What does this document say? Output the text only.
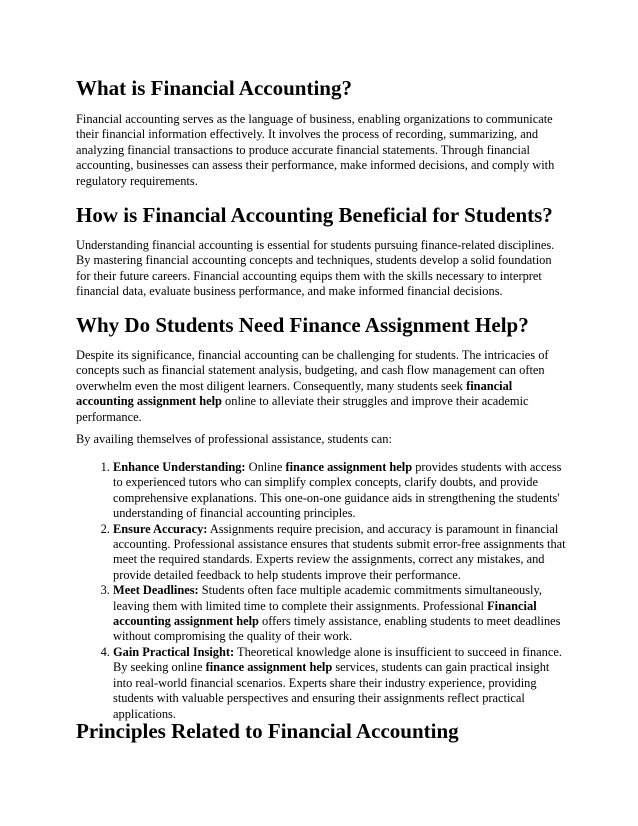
What is Financial Accounting?

Financial accounting serves as the language of business, enabling organizations to communicate their financial information effectively. It involves the process of recording, summarizing, and analyzing financial transactions to produce accurate financial statements. Through financial accounting, businesses can assess their performance, make informed decisions, and comply with regulatory requirements.

How is Financial Accounting Beneficial for Students?

Understanding financial accounting is essential for students pursuing finance-related disciplines. By mastering financial accounting concepts and techniques, students develop a solid foundation for their future careers. Financial accounting equips them with the skills necessary to interpret financial data, evaluate business performance, and make informed financial decisions.

Why Do Students Need Finance Assignment Help?

Despite its significance, financial accounting can be challenging for students. The intricacies of concepts such as financial statement analysis, budgeting, and cash flow management can often overwhelm even the most diligent learners. Consequently, many students seek financial accounting assignment help online to alleviate their struggles and improve their academic performance.

By availing themselves of professional assistance, students can:

1. Enhance Understanding: Online finance assignment help provides students with access to experienced tutors who can simplify complex concepts, clarify doubts, and provide comprehensive explanations. This one-on-one guidance aids in strengthening the students' understanding of financial accounting principles.
2. Ensure Accuracy: Assignments require precision, and accuracy is paramount in financial accounting. Professional assistance ensures that students submit error-free assignments that meet the required standards. Experts review the assignments, correct any mistakes, and provide detailed feedback to help students improve their performance.
3. Meet Deadlines: Students often face multiple academic commitments simultaneously, leaving them with limited time to complete their assignments. Professional Financial accounting assignment help offers timely assistance, enabling students to meet deadlines without compromising the quality of their work.
4. Gain Practical Insight: Theoretical knowledge alone is insufficient to succeed in finance. By seeking online finance assignment help services, students can gain practical insight into real-world financial scenarios. Experts share their industry experience, providing students with valuable perspectives and ensuring their assignments reflect practical applications.
Principles Related to Financial Accounting
